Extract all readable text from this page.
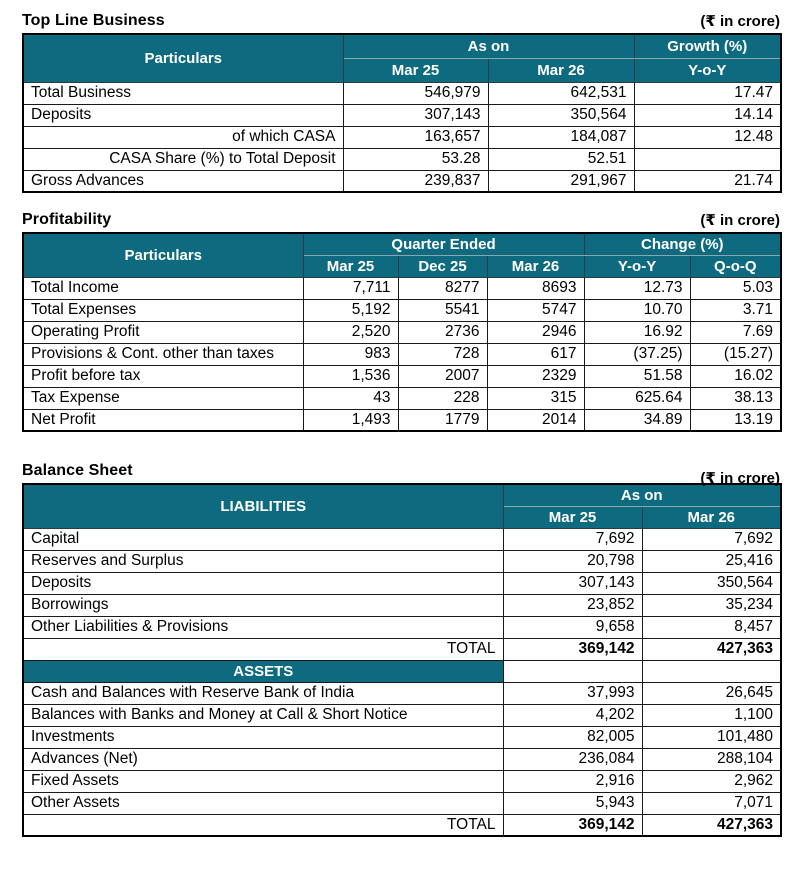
Top Line Business	(₹ in crore)
Particulars	As on		Growth (%)
	Mar 25	Mar 26	Y-o-Y
Total Business	546,979	642,531	17.47
Deposits	307,143	350,564	14.14
of which CASA	163,657	184,087	12.48
CASA Share (%) to Total Deposit	53.28	52.51	
Gross Advances	239,837	291,967	21.74
Profitability	(₹ in crore)
Particulars	Quarter Ended			Change (%)	
	Mar 25	Dec 25	Mar 26	Y-o-Y	Q-o-Q
Total Income	7,711	8277	8693	12.73	5.03
Total Expenses	5,192	5541	5747	10.70	3.71
Operating Profit	2,520	2736	2946	16.92	7.69
Provisions & Cont. other than taxes	983	728	617	(37.25)	(15.27)
Profit before tax	1,536	2007	2329	51.58	16.02
Tax Expense	43	228	315	625.64	38.13
Net Profit	1,493	1779	2014	34.89	13.19
Balance Sheet	(₹ in crore)
LIABILITIES	As on	
	Mar 25	Mar 26
Capital	7,692	7,692
Reserves and Surplus	20,798	25,416
Deposits	307,143	350,564
Borrowings	23,852	35,234
Other Liabilities & Provisions	9,658	8,457
TOTAL	369,142	427,363
ASSETS		
Cash and Balances with Reserve Bank of India	37,993	26,645
Balances with Banks and Money at Call & Short Notice	4,202	1,100
Investments	82,005	101,480
Advances (Net)	236,084	288,104
Fixed Assets	2,916	2,962
Other Assets	5,943	7,071
TOTAL	369,142	427,363
